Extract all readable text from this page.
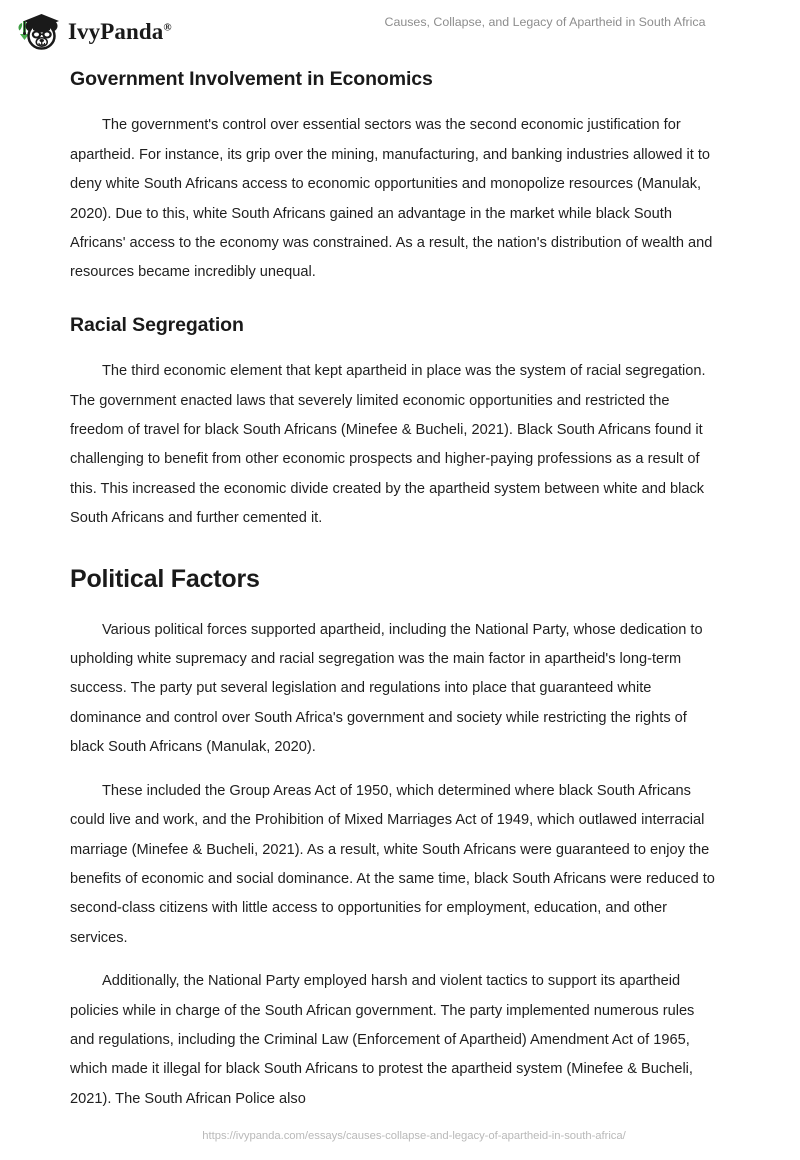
IvyPanda®	Causes, Collapse, and Legacy of Apartheid in South Africa
Government Involvement in Economics

The government's control over essential sectors was the second economic justification for apartheid. For instance, its grip over the mining, manufacturing, and banking industries allowed it to deny white South Africans access to economic opportunities and monopolize resources (Manulak, 2020). Due to this, white South Africans gained an advantage in the market while black South Africans' access to the economy was constrained. As a result, the nation's distribution of wealth and resources became incredibly unequal.

Racial Segregation

The third economic element that kept apartheid in place was the system of racial segregation. The government enacted laws that severely limited economic opportunities and restricted the freedom of travel for black South Africans (Minefee & Bucheli, 2021). Black South Africans found it challenging to benefit from other economic prospects and higher-paying professions as a result of this. This increased the economic divide created by the apartheid system between white and black South Africans and further cemented it.

Political Factors

Various political forces supported apartheid, including the National Party, whose dedication to upholding white supremacy and racial segregation was the main factor in apartheid's long-term success. The party put several legislation and regulations into place that guaranteed white dominance and control over South Africa's government and society while restricting the rights of black South Africans (Manulak, 2020).

These included the Group Areas Act of 1950, which determined where black South Africans could live and work, and the Prohibition of Mixed Marriages Act of 1949, which outlawed interracial marriage (Minefee & Bucheli, 2021). As a result, white South Africans were guaranteed to enjoy the benefits of economic and social dominance. At the same time, black South Africans were reduced to second-class citizens with little access to opportunities for employment, education, and other services.

Additionally, the National Party employed harsh and violent tactics to support its apartheid policies while in charge of the South African government. The party implemented numerous rules and regulations, including the Criminal Law (Enforcement of Apartheid) Amendment Act of 1965, which made it illegal for black South Africans to protest the apartheid system (Minefee & Bucheli, 2021). The South African Police also

https://ivypanda.com/essays/causes-collapse-and-legacy-of-apartheid-in-south-africa/
